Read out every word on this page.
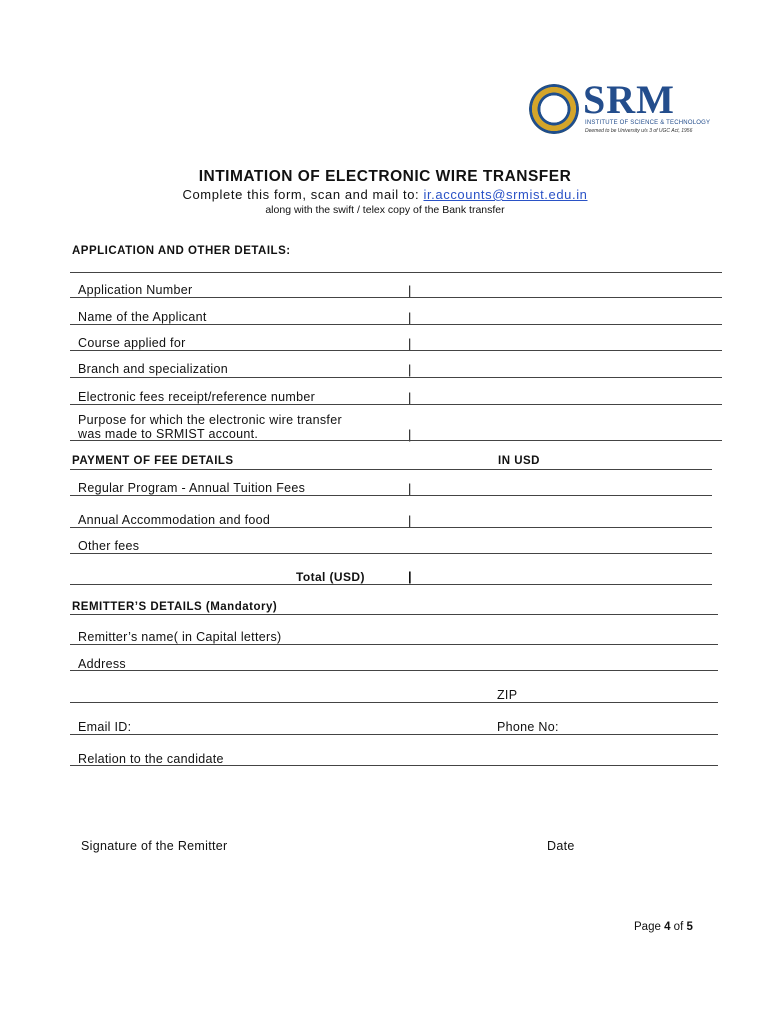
SRM
INSTITUTE OF SCIENCE & TECHNOLOGY
Deemed to be University u/s 3 of UGC Act, 1956
INTIMATION OF ELECTRONIC WIRE TRANSFER
Complete this form, scan and mail to: ir.accounts@srmist.edu.in
along with the swift / telex copy of the Bank transfer
APPLICATION AND OTHER DETAILS:
Application Number	|
Name of the Applicant	|
Course applied for	|
Branch and specialization	|
Electronic fees receipt/reference number	|
Purpose for which the electronic wire transfer
was made to SRMIST account.	|
PAYMENT OF FEE DETAILS	IN USD
Regular Program - Annual Tuition Fees	|
Annual Accommodation and food	|
Other fees
Total (USD)	|
REMITTER’S DETAILS (Mandatory)
Remitter’s name( in Capital letters)
Address
ZIP
Email ID:	Phone No:
Relation to the candidate
Signature of the Remitter	Date
Page 4 of 5
